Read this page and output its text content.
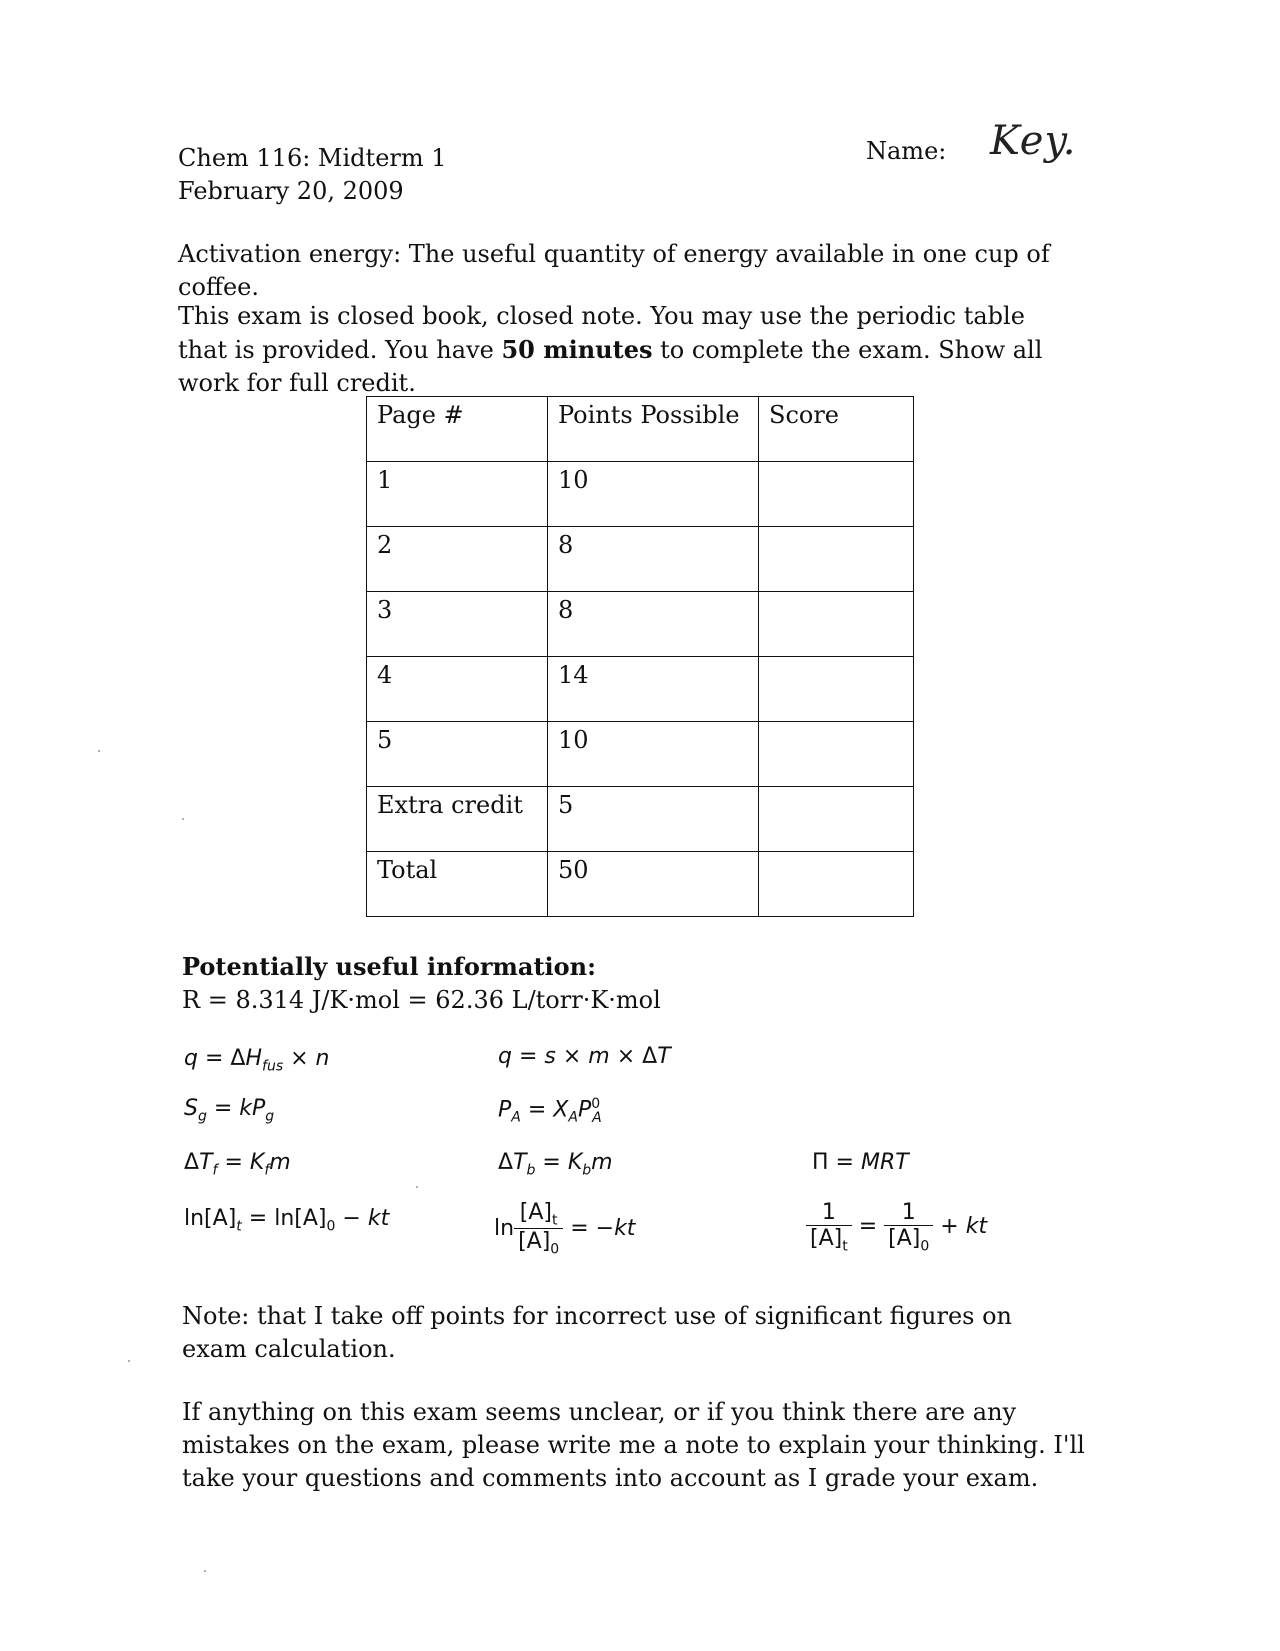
Chem 116: Midterm 1
February 20, 2009
Name: Key.
Activation energy: The useful quantity of energy available in one cup of coffee.
This exam is closed book, closed note. You may use the periodic table that is provided. You have 50 minutes to complete the exam. Show all work for full credit.
Page #	Points Possible	Score
1	10	
2	8	
3	8	
4	14	
5	10	
Extra credit	5	
Total	50	
Potentially useful information:
R = 8.314 J/K·mol = 62.36 L/torr·K·mol
$q = \Delta H_{fus} \times n$	q = s × m × ΔT
$S_g = kP_g$	$P_A = X_AP^0_A$
$\Delta T_f = K_fm$	$\Delta T_b = K_bm$	Π = MRT
$\ln[A]_t = \ln[A]_0$ − kt	$\ln \frac{[A]_t}{[A]_0} = -kt$	$\frac{1}{[A]_t} = \frac{1}{[A]_0}$ + kt
Note: that I take off points for incorrect use of significant figures on exam calculation.
If anything on this exam seems unclear, or if you think there are any mistakes on the exam, please write me a note to explain your thinking. I'll take your questions and comments into account as I grade your exam.
